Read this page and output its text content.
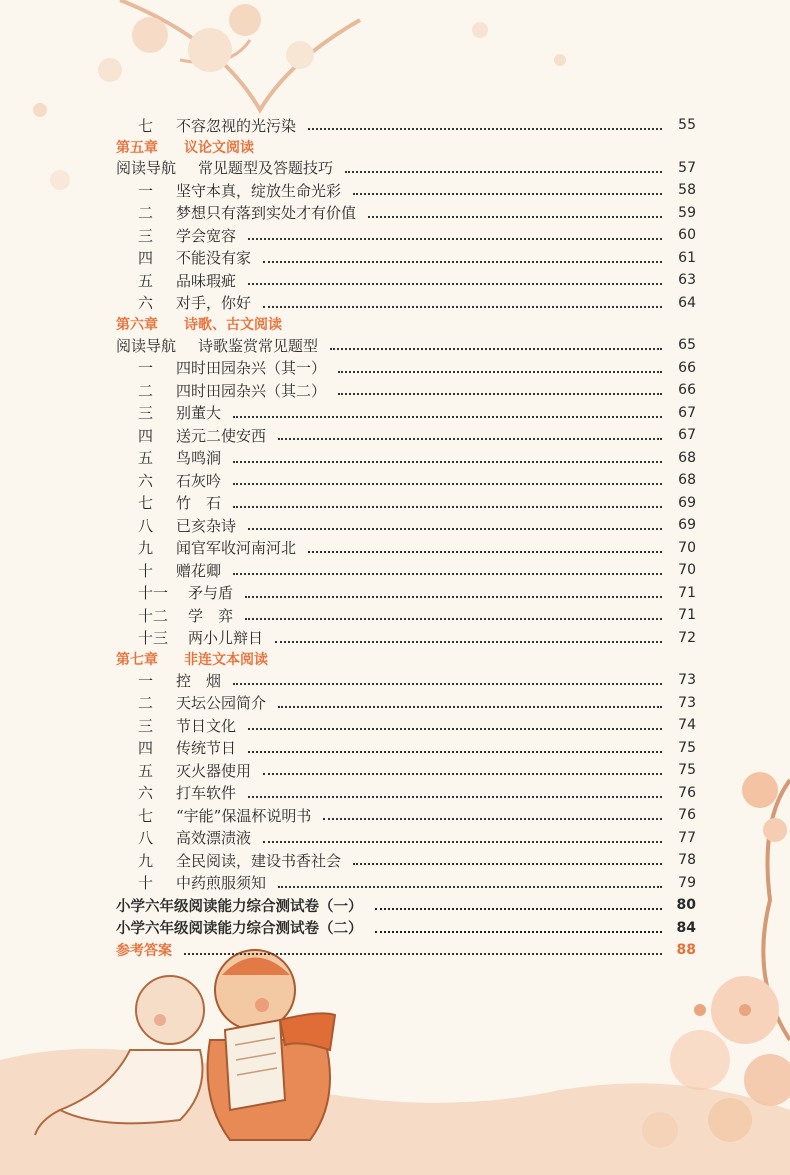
七	不容忽视的光污染	55
第五章 议论文阅读
阅读导航 常见题型及答题技巧	57
一	坚守本真，绽放生命光彩	58
二	梦想只有落到实处才有价值	59
三	学会宽容	60
四	不能没有家	61
五	品味瑕疵	63
六	对手，你好	64
第六章 诗歌、古文阅读
阅读导航 诗歌鉴赏常见题型	65
一	四时田园杂兴（其一）	66
二	四时田园杂兴（其二）	66
三	别董大	67
四	送元二使安西	67
五	鸟鸣涧	68
六	石灰吟	68
七	竹　石	69
八	已亥杂诗	69
九	闻官军收河南河北	70
十	赠花卿	70
十一	矛与盾	71
十二	学　弈	71
十三	两小儿辩日	72
第七章 非连文本阅读
一	控　烟	73
二	天坛公园简介	73
三	节日文化	74
四	传统节日	75
五	灭火器使用	75
六	打车软件	76
七	“宇能”保温杯说明书	76
八	高效漂渍液	77
九	全民阅读，建设书香社会	78
十	中药煎服须知	79
小学六年级阅读能力综合测试卷（一）	80
小学六年级阅读能力综合测试卷（二）	84
参考答案	88
